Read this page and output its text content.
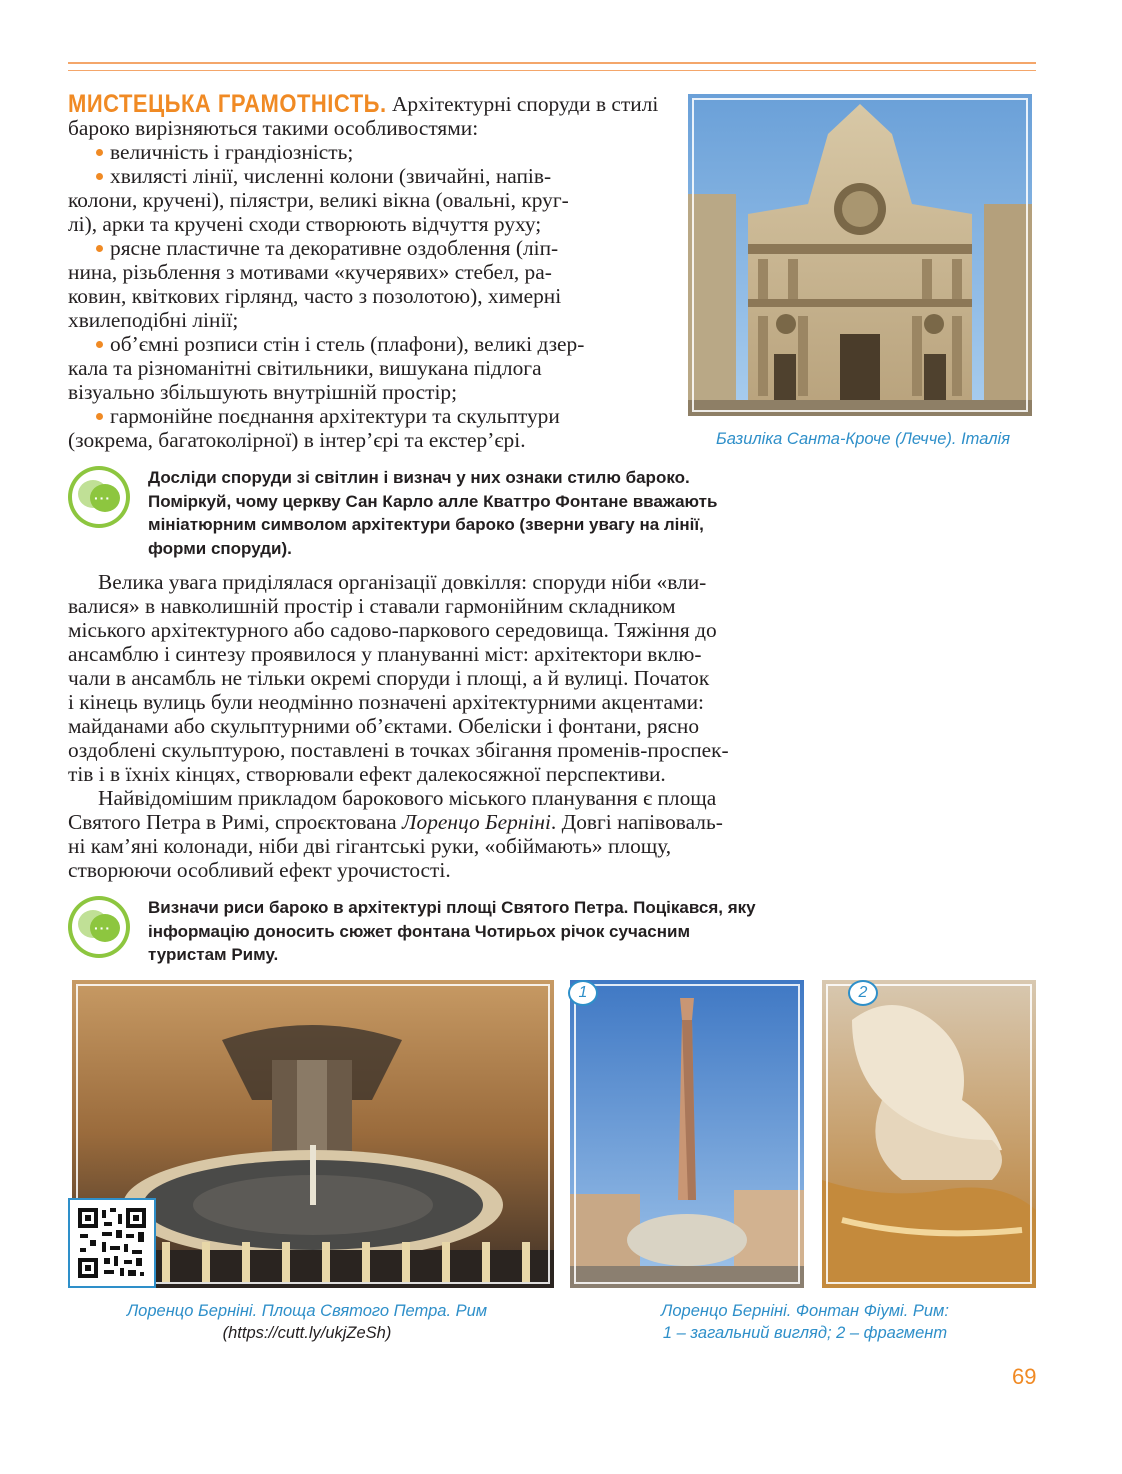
МИСТЕЦЬКА ГРАМОТНІСТЬ. Архітектурні споруди в стилі
бароко вирізняються такими особливостями:
величність і грандіозність;
хвилясті лінії, численні колони (звичайні, напів-
колони, кручені), пілястри, великі вікна (овальні, круг-
лі), арки та кручені сходи створюють відчуття руху;
рясне пластичне та декоративне оздоблення (ліп-
нина, різьблення з мотивами «кучерявих» стебел, ра-
ковин, квіткових гірлянд, часто з позолотою), химерні
хвилеподібні лінії;
об’ємні розписи стін і стель (плафони), великі дзер-
кала та різноманітні світильники, вишукана підлога
візуально збільшують внутрішній простір;
гармонійне поєднання архітектури та скульптури
(зокрема, багатоколірної) в інтер’єрі та екстер’єрі.	Базиліка Санта-Кроче (Лечче). Італія
···
Досліди споруди зі світлин і визнач у них ознаки стилю бароко.
Поміркуй, чому церкву Сан Карло алле Кваттро Фонтане вважають
мініатюрним символом архітектури бароко (зверни увагу на лінії,
форми споруди).
Велика увага приділялася організації довкілля: споруди ніби «вли-
валися» в навколишній простір і ставали гармонійним складником
міського архітектурного або садово-паркового середовища. Тяжіння до
ансамблю і синтезу проявилося у плануванні міст: архітектори вклю-
чали в ансамбль не тільки окремі споруди і площі, а й вулиці. Початок
і кінець вулиць були неодмінно позначені архітектурними акцентами:
майданами або скульптурними об’єктами. Обеліски і фонтани, рясно
оздоблені скульптурою, поставлені в точках збігання променів-проспек-
тів і в їхніх кінцях, створювали ефект далекосяжної перспективи.
Найвідомішим прикладом барокового міського планування є площа
Святого Петра в Римі, спроєктована Лоренцо Берніні. Довгі напівоваль-
ні кам’яні колонади, ніби дві гігантські руки, «обіймають» площу,
створюючи особливий ефект урочистості.
···
Визначи риси бароко в архітектурі площі Святого Петра. Поцікався, яку
інформацію доносить сюжет фонтана Чотирьох річок сучасним
туристам Риму.
Лоренцо Берніні. Площа Святого Петра. Рим
(https://cutt.ly/ukjZeSh)
1	2
Лоренцо Берніні. Фонтан Фіумі. Рим:
1 – загальний вигляд; 2 – фрагмент
69
